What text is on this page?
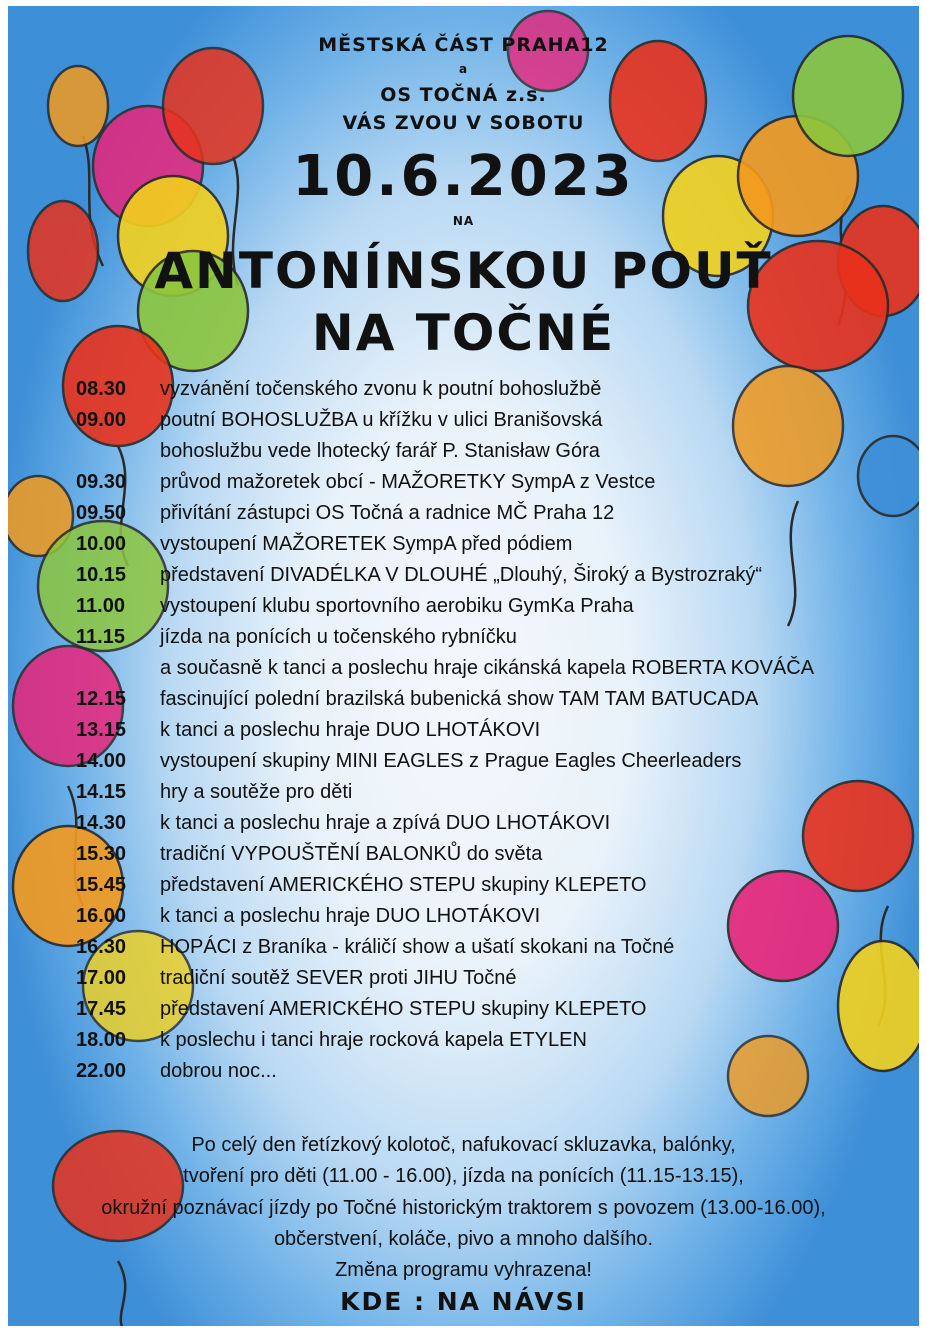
MĚSTSKÁ ČÁST PRAHA12
a
OS TOČNÁ z.s.
VÁS ZVOU V SOBOTU
10.6.2023
NA
ANTONÍNSKOU POUŤ
NA TOČNÉ
08.30 vyzvánění točenského zvonu k poutní bohoslužbě
09.00 poutní BOHOSLUŽBA u křížku v ulici Branišovská
bohoslužbu vede lhotecký farář P. Stanisław Góra
09.30 průvod mažoretek obcí - MAŽORETKY SympA z Vestce
09.50 přivítání zástupci OS Točná a radnice MČ Praha 12
10.00 vystoupení MAŽORETEK SympA před pódiem
10.15 představení DIVADÉLKA V DLOUHÉ „Dlouhý, Široký a Bystrozraký“
11.00 vystoupení klubu sportovního aerobiku GymKa Praha
11.15 jízda na ponících u točenského rybníčku
a současně k tanci a poslechu hraje cikánská kapela ROBERTA KOVÁČA
12.15 fascinující polední brazilská bubenická show TAM TAM BATUCADA
13.15 k tanci a poslechu hraje DUO LHOTÁKOVI
14.00 vystoupení skupiny MINI EAGLES z Prague Eagles Cheerleaders
14.15 hry a soutěže pro děti
14.30 k tanci a poslechu hraje a zpívá DUO LHOTÁKOVI
15.30 tradiční VYPOUŠTĚNÍ BALONKŮ do světa
15.45 představení AMERICKÉHO STEPU skupiny KLEPETO
16.00 k tanci a poslechu hraje DUO LHOTÁKOVI
16.30 HOPÁCI z Braníka - králičí show a ušatí skokani na Točné
17.00 tradiční soutěž SEVER proti JIHU Točné
17.45 představení AMERICKÉHO STEPU skupiny KLEPETO
18.00 k poslechu i tanci hraje rocková kapela ETYLEN
22.00 dobrou noc...
Po celý den řetízkový kolotoč, nafukovací skluzavka, balónky,
tvoření pro děti (11.00 - 16.00), jízda na ponících (11.15-13.15),
okružní poznávací jízdy po Točné historickým traktorem s povozem (13.00-16.00),
občerstvení, koláče, pivo a mnoho dalšího.
Změna programu vyhrazena!
KDE : NA NÁVSI
